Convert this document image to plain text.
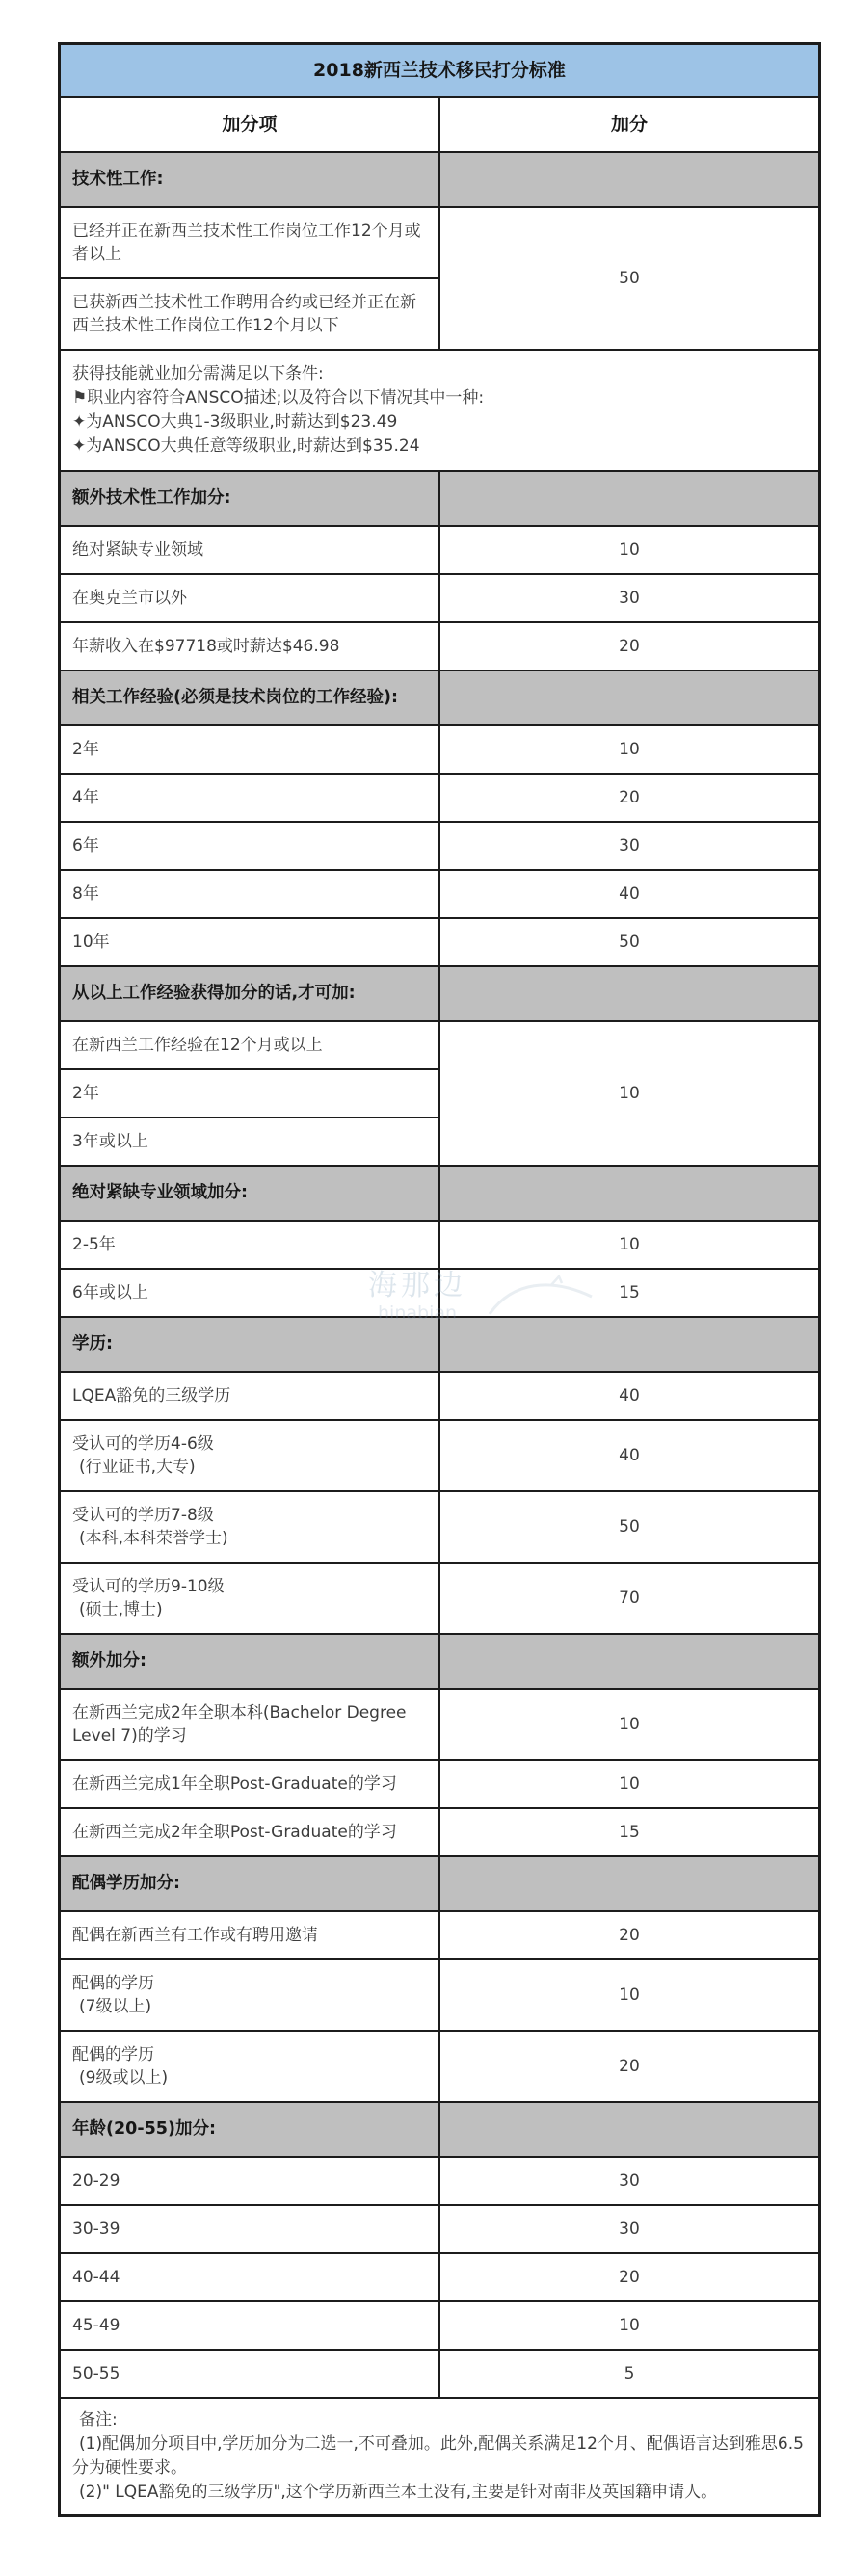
2018新西兰技术移民打分标准	
加分项	加分
技术性工作:	
已经并正在新西兰技术性工作岗位工作12个月或者以上	50
已获新西兰技术性工作聘用合约或已经并正在新西兰技术性工作岗位工作12个月以下	

获得技能就业加分需满足以下条件:
⚑职业内容符合ANSCO描述;以及符合以下情况其中一种:
✦为ANSCO大典1-3级职业,时薪达到$23.49
✦为ANSCO大典任意等级职业,时薪达到$35.24	

额外技术性工作加分:	
绝对紧缺专业领域	10
在奥克兰市以外	30
年薪收入在$97718或时薪达$46.98	20
相关工作经验(必须是技术岗位的工作经验):	
2年	10
4年	20
6年	30
8年	40
10年	50
从以上工作经验获得加分的话,才可加:	
在新西兰工作经验在12个月或以上	10
2年	
3年或以上	
绝对紧缺专业领域加分:	
2-5年	10
6年或以上	15
学历:	
LQEA豁免的三级学历	40
受认可的学历4-6级
(行业证书,大专)	40
受认可的学历7-8级
(本科,本科荣誉学士)	50
受认可的学历9-10级
(硕士,博士)	70
额外加分:	
在新西兰完成2年全职本科(Bachelor Degree Level 7)的学习	10
在新西兰完成1年全职Post-Graduate的学习	10
在新西兰完成2年全职Post-Graduate的学习	15
配偶学历加分:	
配偶在新西兰有工作或有聘用邀请	20
配偶的学历
(7级以上)	10
配偶的学历
(9级或以上)	20
年龄(20-55)加分:	
20-29	30
30-39	30
40-44	20
45-49	10
50-55	5

备注:
(1)配偶加分项目中,学历加分为二选一,不可叠加。此外,配偶关系满足12个月、配偶语言达到雅思6.5分为硬性要求。
(2)" LQEA豁免的三级学历",这个学历新西兰本土没有,主要是针对南非及英国籍申请人。	
海那边
hinabian
